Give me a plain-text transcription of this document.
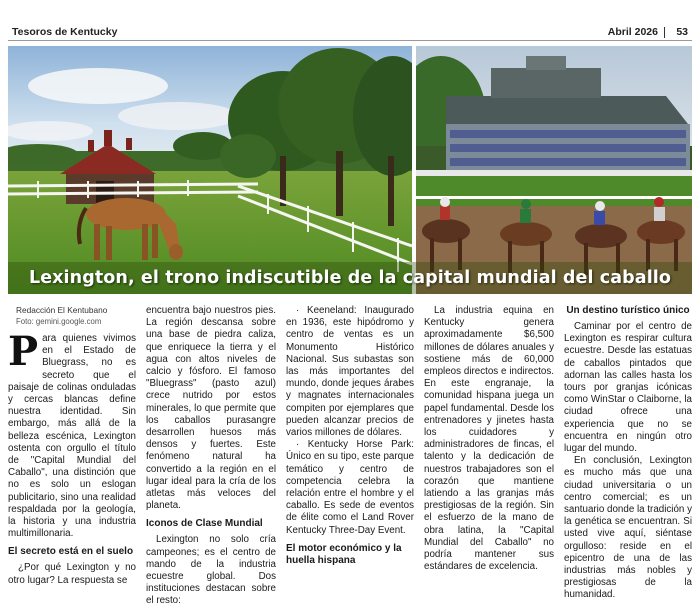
Tesoros de Kentucky	Abril 2026 53
Lexington, el trono indiscutible de la capital mundial del caballo
Redacción El Kentubano
Foto: gemini.google.com

Para quienes vivimos en el Estado de Bluegrass, no es secreto que el paisaje de colinas onduladas y cercas blancas define nuestra identidad. Sin embargo, más allá de la belleza escénica, Lexington ostenta con orgullo el título de "Capital Mundial del Caballo", una distinción que no es solo un eslogan publicitario, sino una realidad respaldada por la geología, la historia y una industria multimillonaria.

El secreto está en el suelo

¿Por qué Lexington y no otro lugar? La respuesta se

encuentra bajo nuestros pies. La región descansa sobre una base de piedra caliza, que enriquece la tierra y el agua con altos niveles de calcio y fósforo. El famoso "Bluegrass" (pasto azul) crece nutrido por estos minerales, lo que permite que los caballos purasangre desarrollen huesos más densos y fuertes. Este fenómeno natural ha convertido a la región en el lugar ideal para la cría de los atletas más veloces del planeta.

Iconos de Clase Mundial

Lexington no solo cría campeones; es el centro de mando de la industria ecuestre global. Dos instituciones destacan sobre el resto:

· Keeneland: Inaugurado en 1936, este hipódromo y centro de ventas es un Monumento Histórico Nacional. Sus subastas son las más importantes del mundo, donde jeques árabes y magnates internacionales compiten por ejemplares que pueden alcanzar precios de varios millones de dólares.

· Kentucky Horse Park: Único en su tipo, este parque temático y centro de competencia celebra la relación entre el hombre y el caballo. Es sede de eventos de élite como el Land Rover Kentucky Three-Day Event.

El motor económico y la huella hispana

La industria equina en Kentucky genera aproximadamente $6,500 millones de dólares anuales y sostiene más de 60,000 empleos directos e indirectos. En este engranaje, la comunidad hispana juega un papel fundamental. Desde los entrenadores y jinetes hasta los cuidadores y administradores de fincas, el talento y la dedicación de nuestros trabajadores son el corazón que mantiene latiendo a las granjas más prestigiosas de la región. Sin el esfuerzo de la mano de obra latina, la "Capital Mundial del Caballo" no podría mantener sus estándares de excelencia.

Un destino turístico único

Caminar por el centro de Lexington es respirar cultura ecuestre. Desde las estatuas de caballos pintados que adornan las calles hasta los tours por granjas icónicas como WinStar o Claiborne, la ciudad ofrece una experiencia que no se encuentra en ningún otro lugar del mundo.

En conclusión, Lexington es mucho más que una ciudad universitaria o un centro comercial; es un santuario donde la tradición y la genética se encuentran. Si usted vive aquí, siéntase orgulloso: reside en el epicentro de una de las industrias más nobles y prestigiosas de la humanidad.
